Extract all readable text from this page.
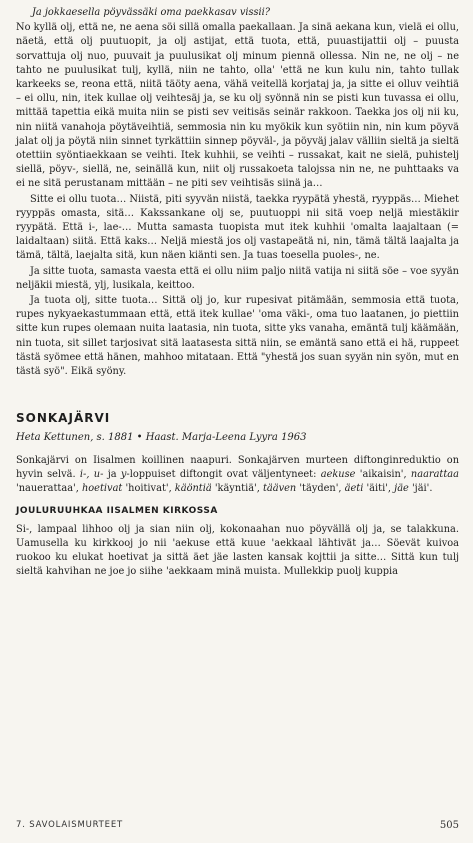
Ja jokkaesella pöyvässäki oma paekkasav vissii?

No kyllä olj, että ne, ne aena söi sillä omalla paekallaan. Ja sinä aekana kun, vielä ei ollu, näetä, että olj puutuopit, ja olj astijat, että tuota, että, puuastijattii olj – puusta sorvattuja olj nuo, puuvait ja puulusikat olj minum piennä ollessa. Nin ne, ne olj – ne tahto ne puulusikat tulj, kyllä, niin ne tahto, olla' 'että ne kun kulu nin, tahto tullak karkeeks se, reona että, niitä täöty aena, vähä veitellä korjataj ja, ja sitte ei olluv veihtiä – ei ollu, nin, itek kullae olj veihtesäj ja, se ku olj syönnä nin se pisti kun tuvassa ei ollu, mittää tapettia eikä muita niin se pisti sev veitisäs seinär rakkoon. Taekka jos olj nii ku, nin niitä vanahoja pöytäveihtiä, semmosia nin ku myökik kun syötiin nin, nin kum pöyvä jalat olj ja pöytä niin sinnet tyrkättiin sinnep pöyväl-, ja pöyväj jalav välliin sieltä ja sieltä otettiin syöntiaekkaan se veihti. Itek kuhhii, se veihti – russakat, kait ne sielä, puhistelj siellä, pöyv-, siellä, ne, seinällä kun, niit olj russakoeta talojssa nin ne, ne puhttaaks va ei ne sitä perustanam mittään – ne piti sev veihtisäs siinä ja…

Sitte ei ollu tuota… Niistä, piti syyvän niistä, taekka ryypätä yhestä, ryyppäs… Miehet ryyppäs omasta, sitä… Kakssankane olj se, puutuoppi nii sitä voep neljä miestäkiir ryypätä. Että i-, lae-… Mutta samasta tuopista mut itek kuhhii 'omalta laajaltaan (= laidaltaan) siitä. Että kaks… Neljä miestä jos olj vastapeätä ni, nin, tämä tältä laajalta ja tämä, tältä, laejalta sitä, kun näen kiänti sen. Ja tuas toesella puoles-, ne.

Ja sitte tuota, samasta vaesta että ei ollu niim paljo niitä vatija ni siitä söe – voe syyän neljäkii miestä, ylj, lusikala, keittoo.

Ja tuota olj, sitte tuota… Sittä olj jo, kur rupesivat pitämään, semmosia että tuota, rupes nykyaekastummaan että, että itek kullae' 'oma väki-, oma tuo laatanen, jo piettiin sitte kun rupes olemaan nuita laatasia, nin tuota, sitte yks vanaha, emäntä tulj käämään, nin tuota, sit sillet tarjosivat sitä laatasesta sittä niin, se emäntä sano että ei hä, ruppeet tästä syömee että hänen, mahhoo mitataan. Että "yhestä jos suan syyän nin syön, mut en tästä syö". Eikä syöny.

SONKAJÄRVI

Heta Kettunen, s. 1881 • Haast. Marja-Leena Lyyra 1963

Sonkajärvi on Iisalmen koillinen naapuri. Sonkajärven murteen diftonginreduktio on hyvin selvä. i-, u- ja y-loppuiset diftongit ovat väljentyneet: aekuse 'aikaisin', naarattaa 'nauerattaa', hoetivat 'hoitivat', käöntiä 'käyntiä', tääven 'täyden', äeti 'äiti', jäe 'jäi'.

JOULURUUHKAA IISALMEN KIRKOSSA

Si-, lampaal lihhoo olj ja sian niin olj, kokonaahan nuo pöyvällä olj ja, se talakkuna. Uamusella ku kirkkooj jo nii 'aekuse että kuue 'aekkaal lähtivät ja… Söevät kuivoa ruokoo ku elukat hoetivat ja sittä äet jäe lasten kansak kojttii ja sitte… Sittä kun tulj sieltä kahvihan ne joe jo siihe 'aekkaam minä muista. Mullekkip puolj kuppia

7. SAVOLAISMURTEET	505
